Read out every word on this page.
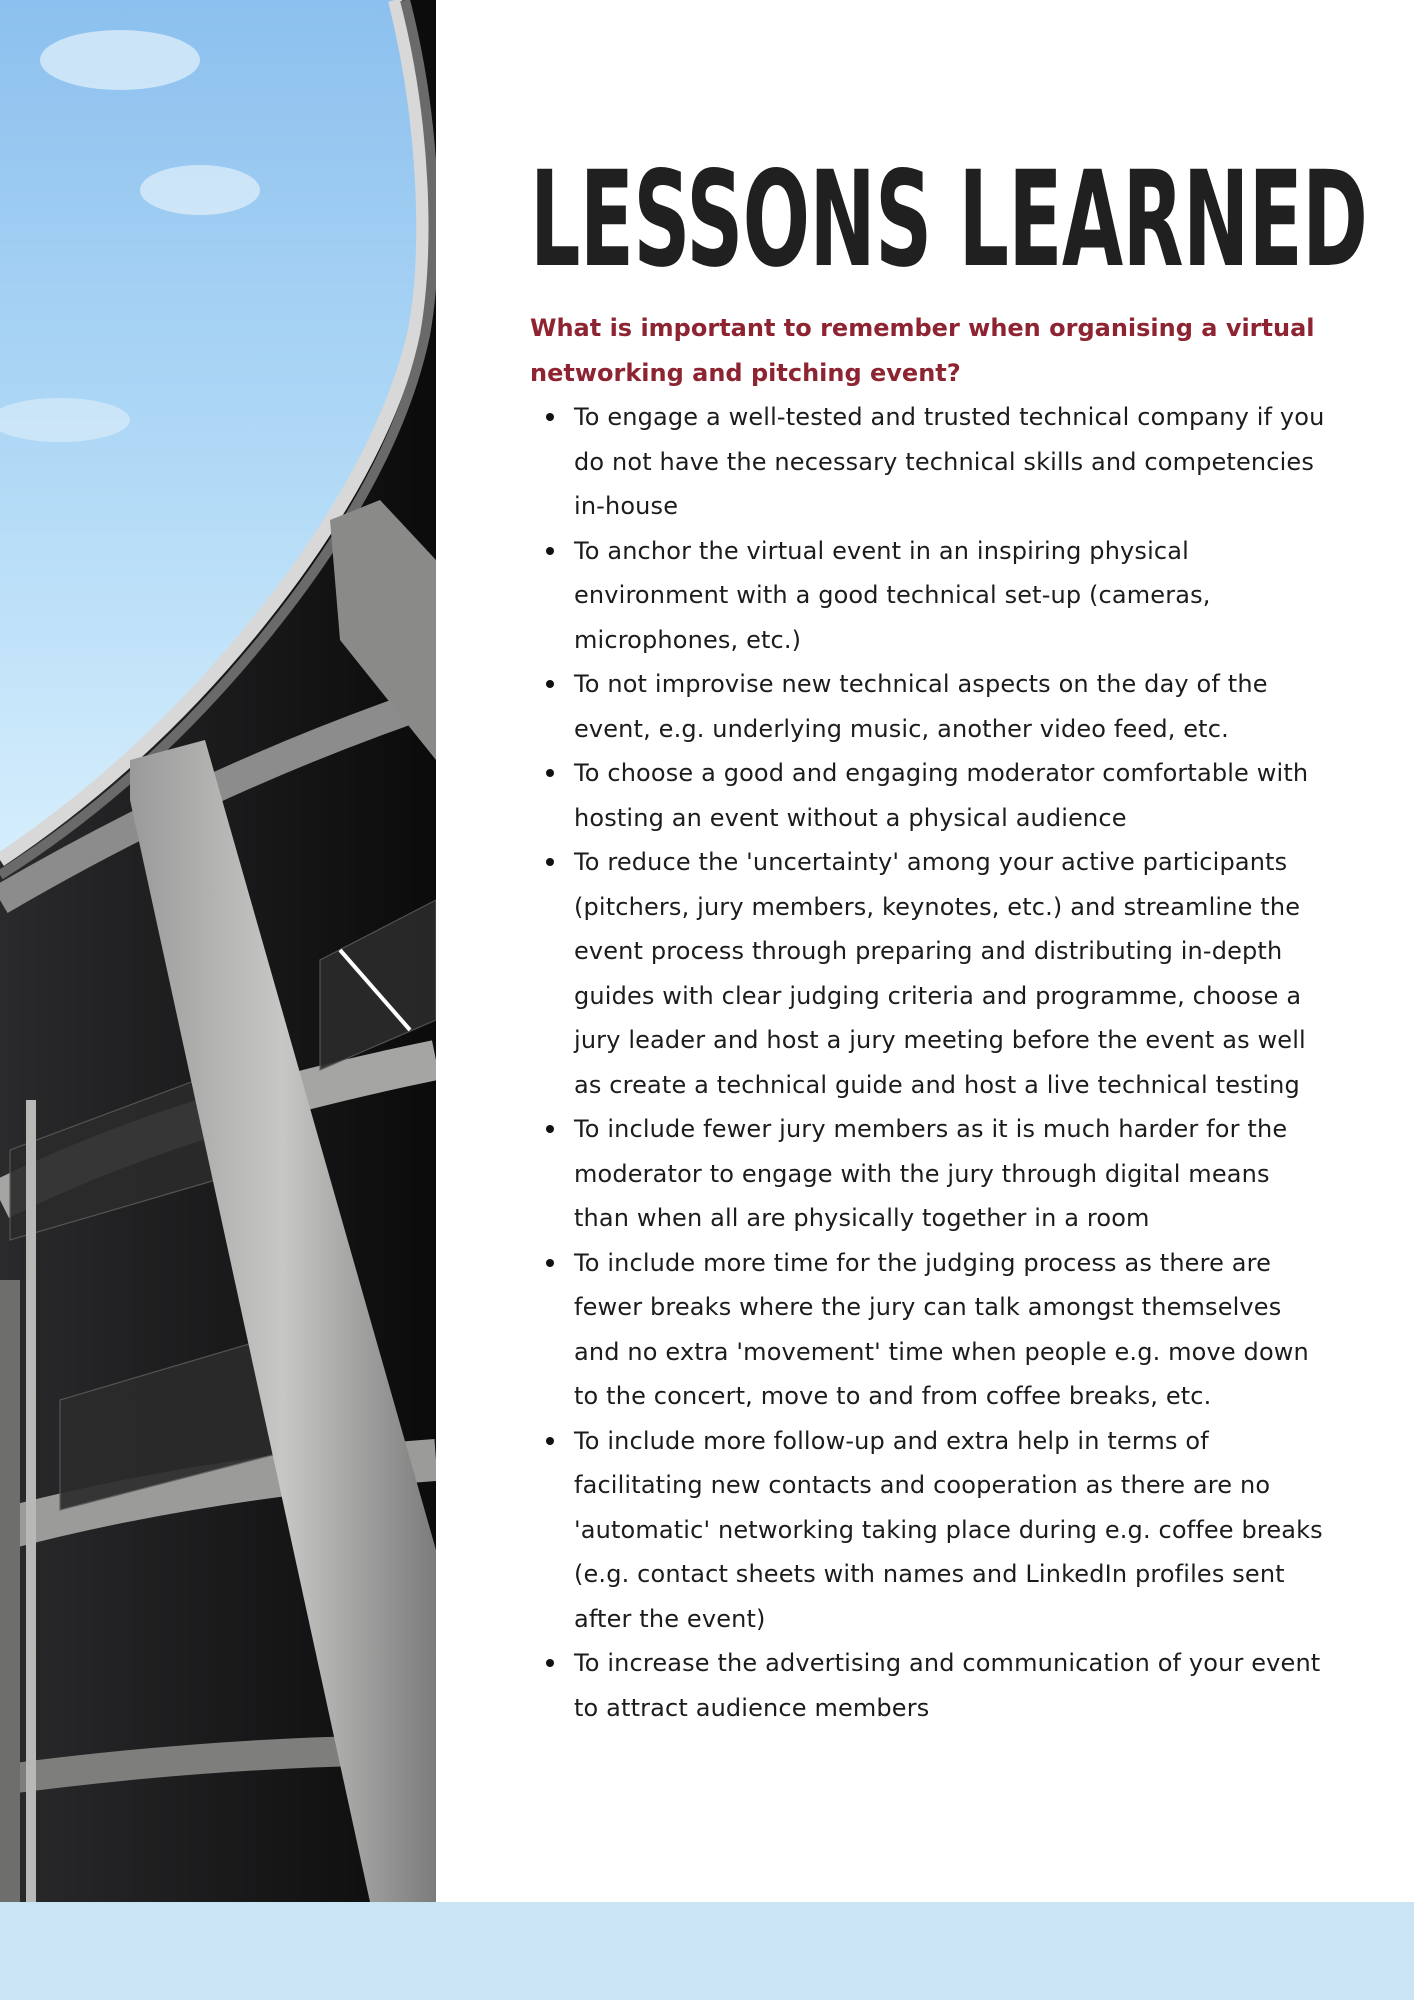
LESSONS LEARNED

What is important to remember when organising a virtual networking and pitching event?

To engage a well-tested and trusted technical company if you do not have the necessary technical skills and competencies in-house
To anchor the virtual event in an inspiring physical environment with a good technical set-up (cameras, microphones, etc.)
To not improvise new technical aspects on the day of the event, e.g. underlying music, another video feed, etc.
To choose a good and engaging moderator comfortable with hosting an event without a physical audience
To reduce the 'uncertainty' among your active participants (pitchers, jury members, keynotes, etc.) and streamline the event process through preparing and distributing in-depth guides with clear judging criteria and programme, choose a jury leader and host a jury meeting before the event as well as create a technical guide and host a live technical testing
To include fewer jury members as it is much harder for the moderator to engage with the jury through digital means than when all are physically together in a room
To include more time for the judging process as there are fewer breaks where the jury can talk amongst themselves and no extra 'movement' time when people e.g. move down to the concert, move to and from coffee breaks, etc.
To include more follow-up and extra help in terms of facilitating new contacts and cooperation as there are no 'automatic' networking taking place during e.g. coffee breaks (e.g. contact sheets with names and LinkedIn profiles sent after the event)
To increase the advertising and communication of your event to attract audience members
